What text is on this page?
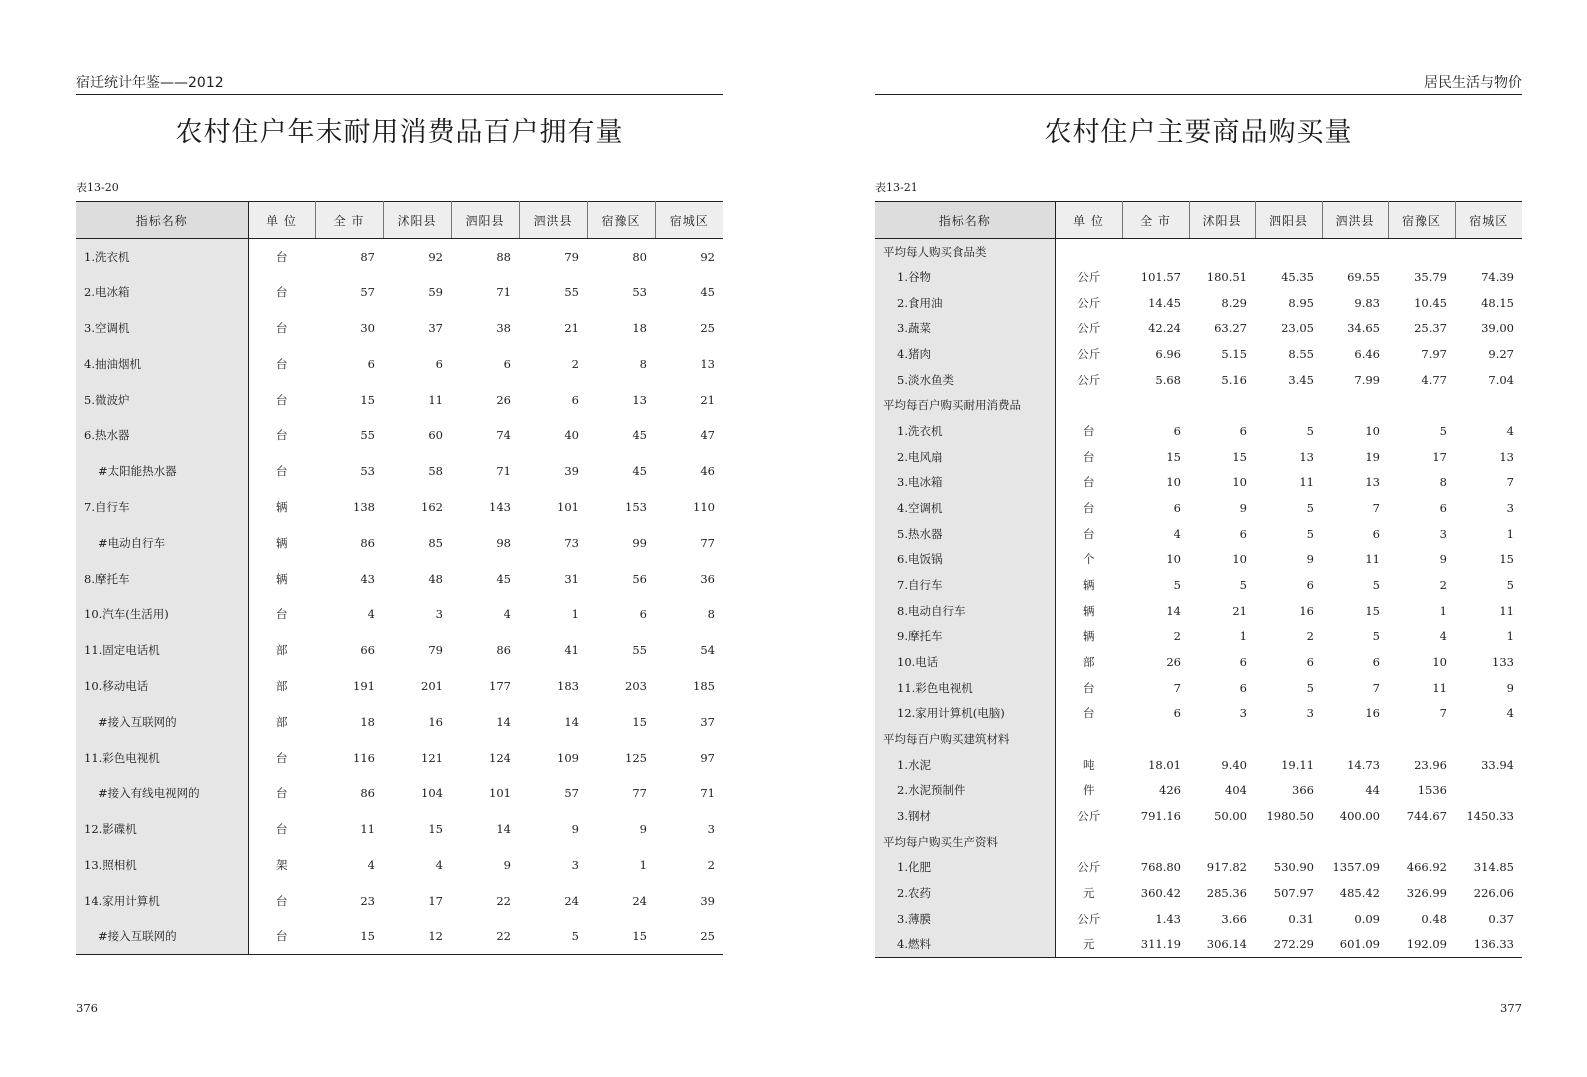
宿迁统计年鉴——2012
农村住户年末耐用消费品百户拥有量
表13-20
指标名称	单 位	全 市	沭阳县	泗阳县	泗洪县	宿豫区	宿城区
1.洗衣机	台	87	92	88	79	80	92
2.电冰箱	台	57	59	71	55	53	45
3.空调机	台	30	37	38	21	18	25
4.抽油烟机	台	6	6	6	2	8	13
5.微波炉	台	15	11	26	6	13	21
6.热水器	台	55	60	74	40	45	47
#太阳能热水器	台	53	58	71	39	45	46
7.自行车	辆	138	162	143	101	153	110
#电动自行车	辆	86	85	98	73	99	77
8.摩托车	辆	43	48	45	31	56	36
10.汽车(生活用)	台	4	3	4	1	6	8
11.固定电话机	部	66	79	86	41	55	54
10.移动电话	部	191	201	177	183	203	185
#接入互联网的	部	18	16	14	14	15	37
11.彩色电视机	台	116	121	124	109	125	97
#接入有线电视网的	台	86	104	101	57	77	71
12.影碟机	台	11	15	14	9	9	3
13.照相机	架	4	4	9	3	1	2
14.家用计算机	台	23	17	22	24	24	39
#接入互联网的	台	15	12	22	5	15	25
376
居民生活与物价
农村住户主要商品购买量
表13-21
指标名称	单 位	全 市	沭阳县	泗阳县	泗洪县	宿豫区	宿城区
平均每人购买食品类							
1.谷物	公斤	101.57	180.51	45.35	69.55	35.79	74.39
2.食用油	公斤	14.45	8.29	8.95	9.83	10.45	48.15
3.蔬菜	公斤	42.24	63.27	23.05	34.65	25.37	39.00
4.猪肉	公斤	6.96	5.15	8.55	6.46	7.97	9.27
5.淡水鱼类	公斤	5.68	5.16	3.45	7.99	4.77	7.04
平均每百户购买耐用消费品							
1.洗衣机	台	6	6	5	10	5	4
2.电风扇	台	15	15	13	19	17	13
3.电冰箱	台	10	10	11	13	8	7
4.空调机	台	6	9	5	7	6	3
5.热水器	台	4	6	5	6	3	1
6.电饭锅	个	10	10	9	11	9	15
7.自行车	辆	5	5	6	5	2	5
8.电动自行车	辆	14	21	16	15	1	11
9.摩托车	辆	2	1	2	5	4	1
10.电话	部	26	6	6	6	10	133
11.彩色电视机	台	7	6	5	7	11	9
12.家用计算机(电脑)	台	6	3	3	16	7	4
平均每百户购买建筑材料							
1.水泥	吨	18.01	9.40	19.11	14.73	23.96	33.94
2.水泥预制件	件	426	404	366	44	1536	
3.钢材	公斤	791.16	50.00	1980.50	400.00	744.67	1450.33
平均每户购买生产资料							
1.化肥	公斤	768.80	917.82	530.90	1357.09	466.92	314.85
2.农药	元	360.42	285.36	507.97	485.42	326.99	226.06
3.薄膜	公斤	1.43	3.66	0.31	0.09	0.48	0.37
4.燃料	元	311.19	306.14	272.29	601.09	192.09	136.33
377
